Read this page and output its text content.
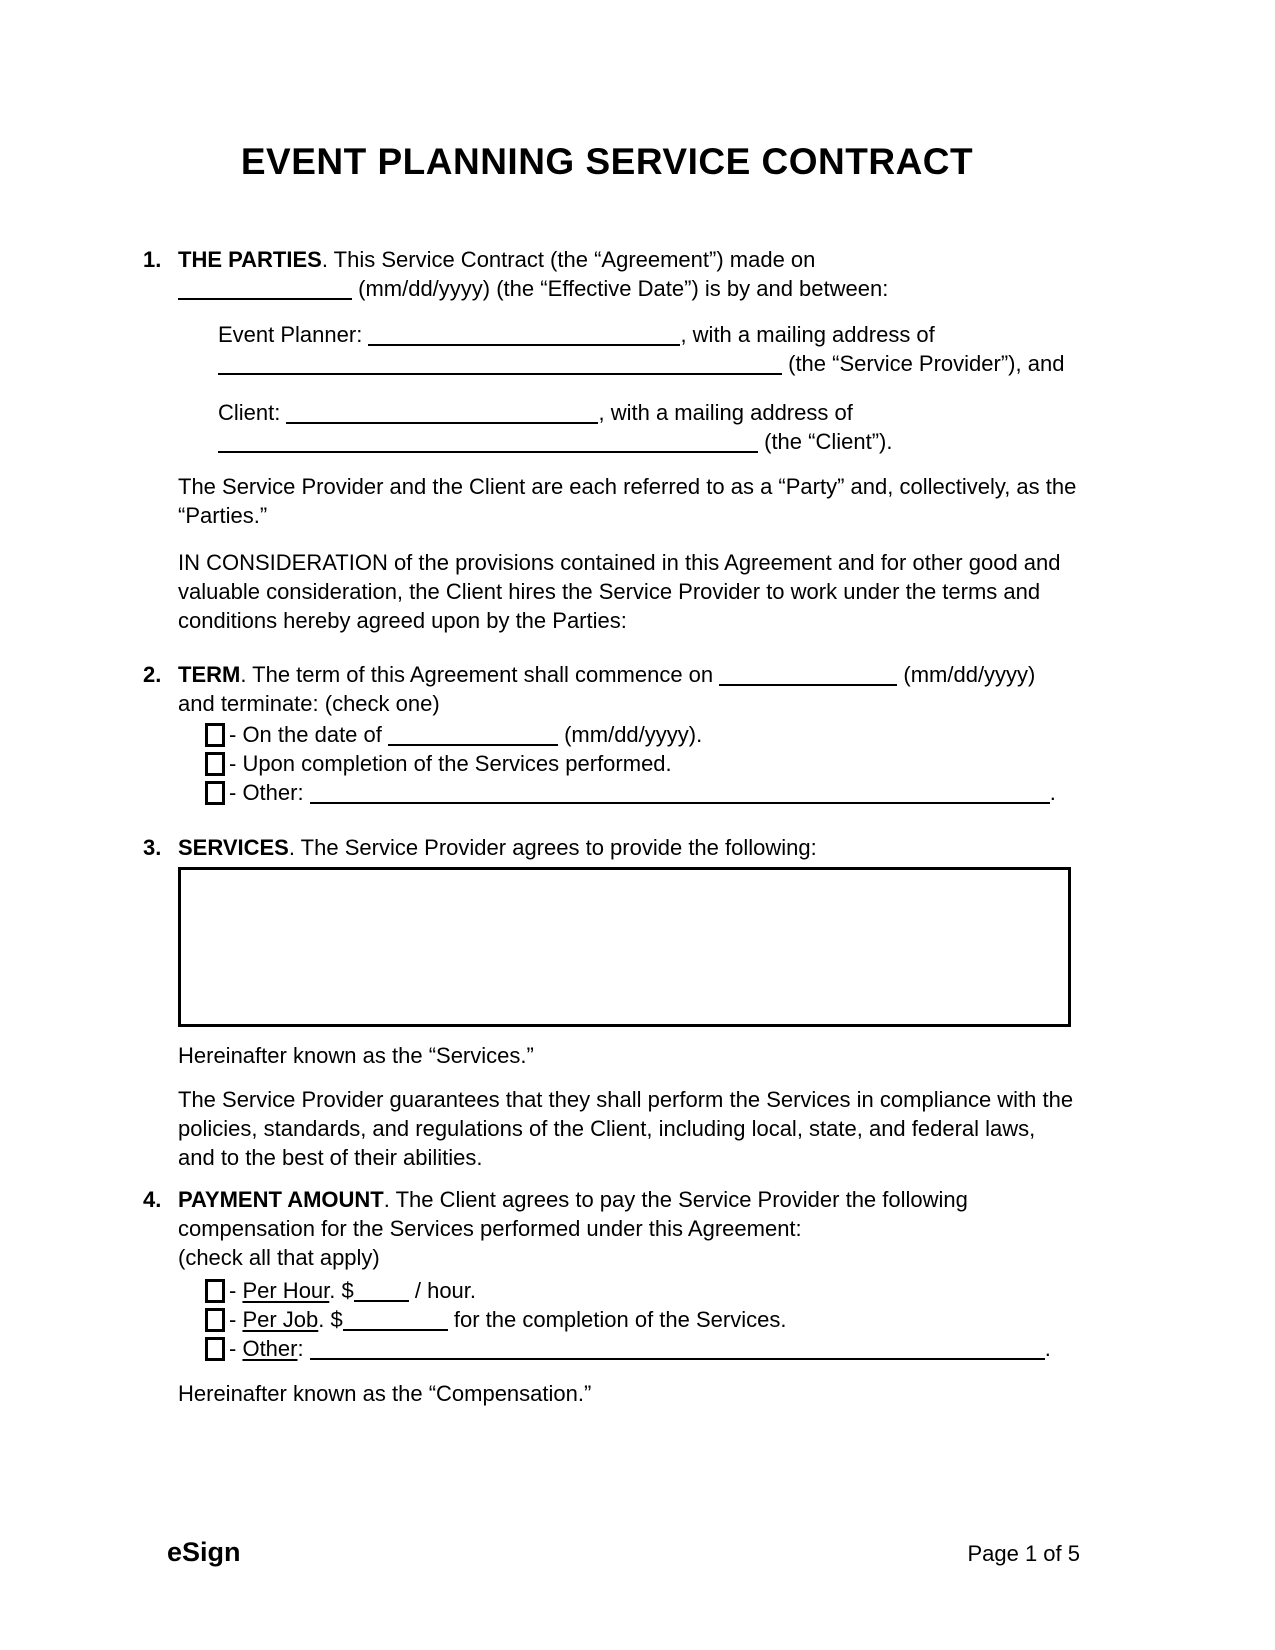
EVENT PLANNING SERVICE CONTRACT
1. THE PARTIES. This Service Contract (the “Agreement”) made on
(mm/dd/yyyy) (the “Effective Date”) is by and between:
Event Planner:	, with a mailing address of
(the “Service Provider”), and
Client:	, with a mailing address of
(the “Client”).
The Service Provider and the Client are each referred to as a “Party” and, collectively, as the
“Parties.”
IN CONSIDERATION of the provisions contained in this Agreement and for other good and
valuable consideration, the Client hires the Service Provider to work under the terms and
conditions hereby agreed upon by the Parties:
2. TERM. The term of this Agreement shall commence on	(mm/dd/yyyy)
and terminate: (check one)
- On the date of	(mm/dd/yyyy).
- Upon completion of the Services performed.
- Other:	.
3. SERVICES. The Service Provider agrees to provide the following:
Hereinafter known as the “Services.”
The Service Provider guarantees that they shall perform the Services in compliance with the
policies, standards, and regulations of the Client, including local, state, and federal laws,
and to the best of their abilities.
4. PAYMENT AMOUNT. The Client agrees to pay the Service Provider the following
compensation for the Services performed under this Agreement:
(check all that apply)
- Per Hour. $	/ hour.
- Per Job. $	for the completion of the Services.
- Other:	.
Hereinafter known as the “Compensation.”
eSign	Page 1 of 5
